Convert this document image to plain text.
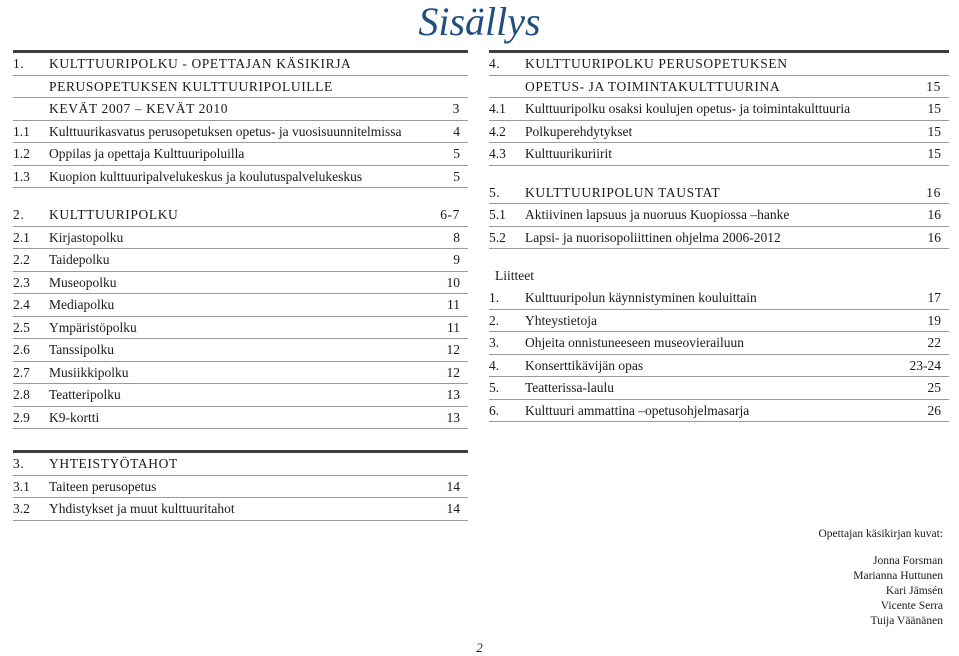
Sisällys
1.	KULTTUURIPOLKU - OPETTAJAN KÄSIKIRJA
PERUSOPETUKSEN KULTTUURIPOLUILLE
KEVÄT 2007 – KEVÄT 2010	3
1.1	Kulttuurikasvatus perusopetuksen opetus- ja vuosisuunnitelmissa	4
1.2	Oppilas ja opettaja Kulttuuripoluilla	5
1.3	Kuopion kulttuuripalvelukeskus ja koulutuspalvelukeskus	5
2.	KULTTUURIPOLKU	6-7
2.1	Kirjastopolku	8
2.2	Taidepolku	9
2.3	Museopolku	10
2.4	Mediapolku	11
2.5	Ympäristöpolku	11
2.6	Tanssipolku	12
2.7	Musiikkipolku	12
2.8	Teatteripolku	13
2.9	K9-kortti	13
4.	KULTTUURIPOLKU PERUSOPETUKSEN
OPETUS- JA TOIMINTAKULTTUURINA	15
4.1	Kulttuuripolku osaksi koulujen opetus- ja toimintakulttuuria	15
4.2	Polkuperehdytykset	15
4.3	Kulttuurikuriirit	15
5.	KULTTUURIPOLUN TAUSTAT	16
5.1	Aktiivinen lapsuus ja nuoruus Kuopiossa –hanke	16
5.2	Lapsi- ja nuorisopoliittinen ohjelma 2006-2012	16
Liitteet
1.	Kulttuuripolun käynnistyminen kouluittain	17
2.	Yhteystietoja	19
3.	Ohjeita onnistuneeseen museovierailuun	22
4.	Konserttikävijän opas	23-24
5.	Teatterissa-laulu	25
6.	Kulttuuri ammattina –opetusohjelmasarja	26
3.	YHTEISTYÖTAHOT
3.1	Taiteen perusopetus	14
3.2	Yhdistykset ja muut kulttuuritahot	14
Opettajan käsikirjan kuvat:
Jonna Forsman
Marianna Huttunen
Kari Jämsén
Vicente Serra
Tuija Väänänen
2
